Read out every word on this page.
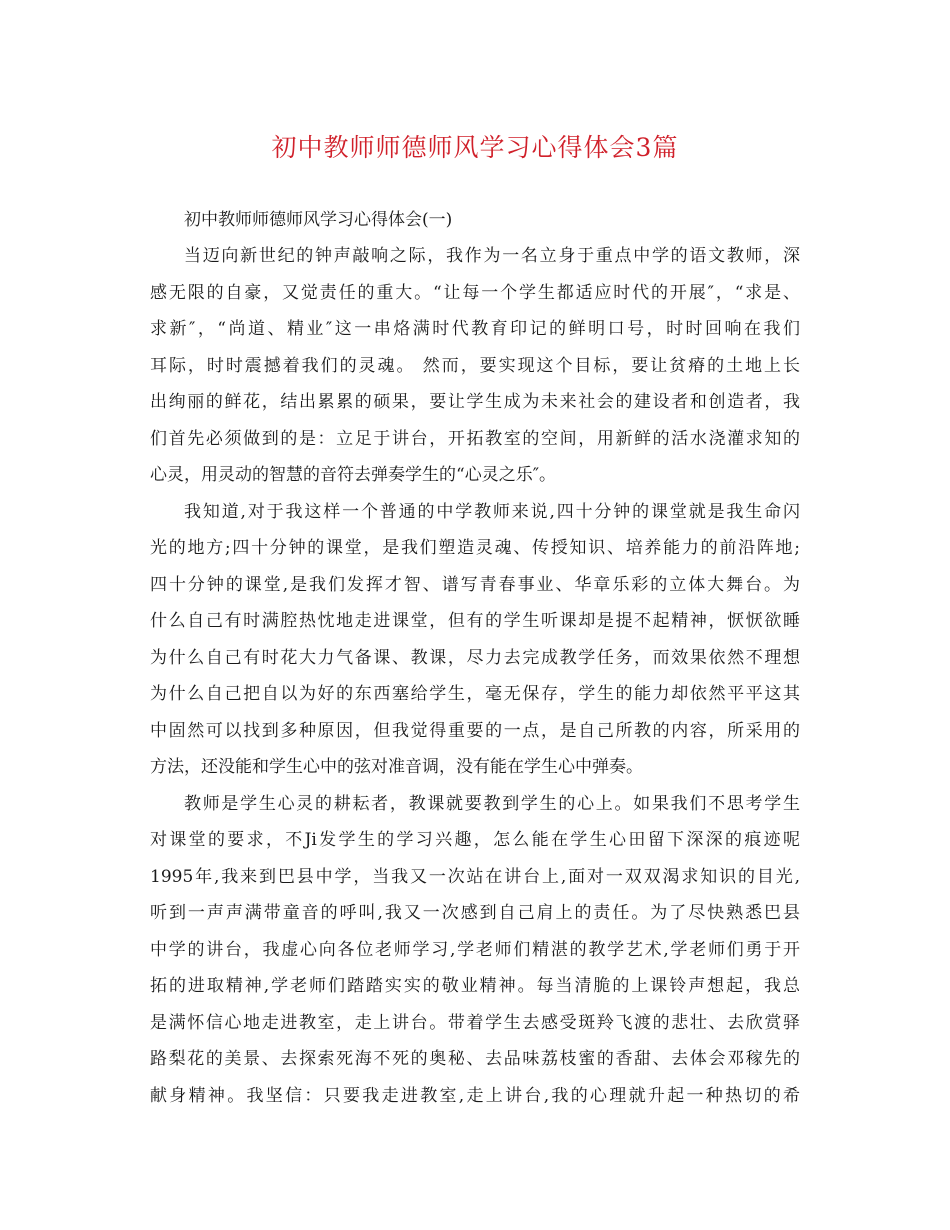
初中教师师德师风学习心得体会3篇

初中教师师德师风学习心得体会(一)

当迈向新世纪的钟声敲响之际，我作为一名立身于重点中学的语文教师，深
感无限的自豪，又觉责任的重大。“让每一个学生都适应时代的开展″，“求是、
求新″，“尚道、精业″这一串烙满时代教育印记的鲜明口号，时时回响在我们
耳际，时时震撼着我们的灵魂。 然而，要实现这个目标，要让贫瘠的土地上长
出绚丽的鲜花，结出累累的硕果，要让学生成为未来社会的建设者和创造者，我
们首先必须做到的是：立足于讲台，开拓教室的空间，用新鲜的活水浇灌求知的
心灵，用灵动的智慧的音符去弹奏学生的“心灵之乐″。
我知道,对于我这样一个普通的中学教师来说,四十分钟的课堂就是我生命闪
光的地方;四十分钟的课堂，是我们塑造灵魂、传授知识、培养能力的前沿阵地;
四十分钟的课堂,是我们发挥才智、谱写青春事业、华章乐彩的立体大舞台。为
什么自己有时满腔热忱地走进课堂，但有的学生听课却是提不起精神，恹恹欲睡
为什么自己有时花大力气备课、教课，尽力去完成教学任务，而效果依然不理想
为什么自己把自以为好的东西塞给学生，毫无保存，学生的能力却依然平平这其
中固然可以找到多种原因，但我觉得重要的一点，是自己所教的内容，所采用的
方法，还没能和学生心中的弦对准音调，没有能在学生心中弹奏。
教师是学生心灵的耕耘者，教课就要教到学生的心上。如果我们不思考学生
对课堂的要求，不Ji发学生的学习兴趣，怎么能在学生心田留下深深的痕迹呢
1995年,我来到巴县中学，当我又一次站在讲台上,面对一双双渴求知识的目光,
听到一声声满带童音的呼叫,我又一次感到自己肩上的责任。为了尽快熟悉巴县
中学的讲台，我虚心向各位老师学习,学老师们精湛的教学艺术,学老师们勇于开
拓的进取精神,学老师们踏踏实实的敬业精神。每当清脆的上课铃声想起，我总
是满怀信心地走进教室，走上讲台。带着学生去感受斑羚飞渡的悲壮、去欣赏驿
路梨花的美景、去探索死海不死的奥秘、去品味荔枝蜜的香甜、去体会邓稼先的
献身精神。我坚信：只要我走进教室,走上讲台,我的心理就升起一种热切的希
